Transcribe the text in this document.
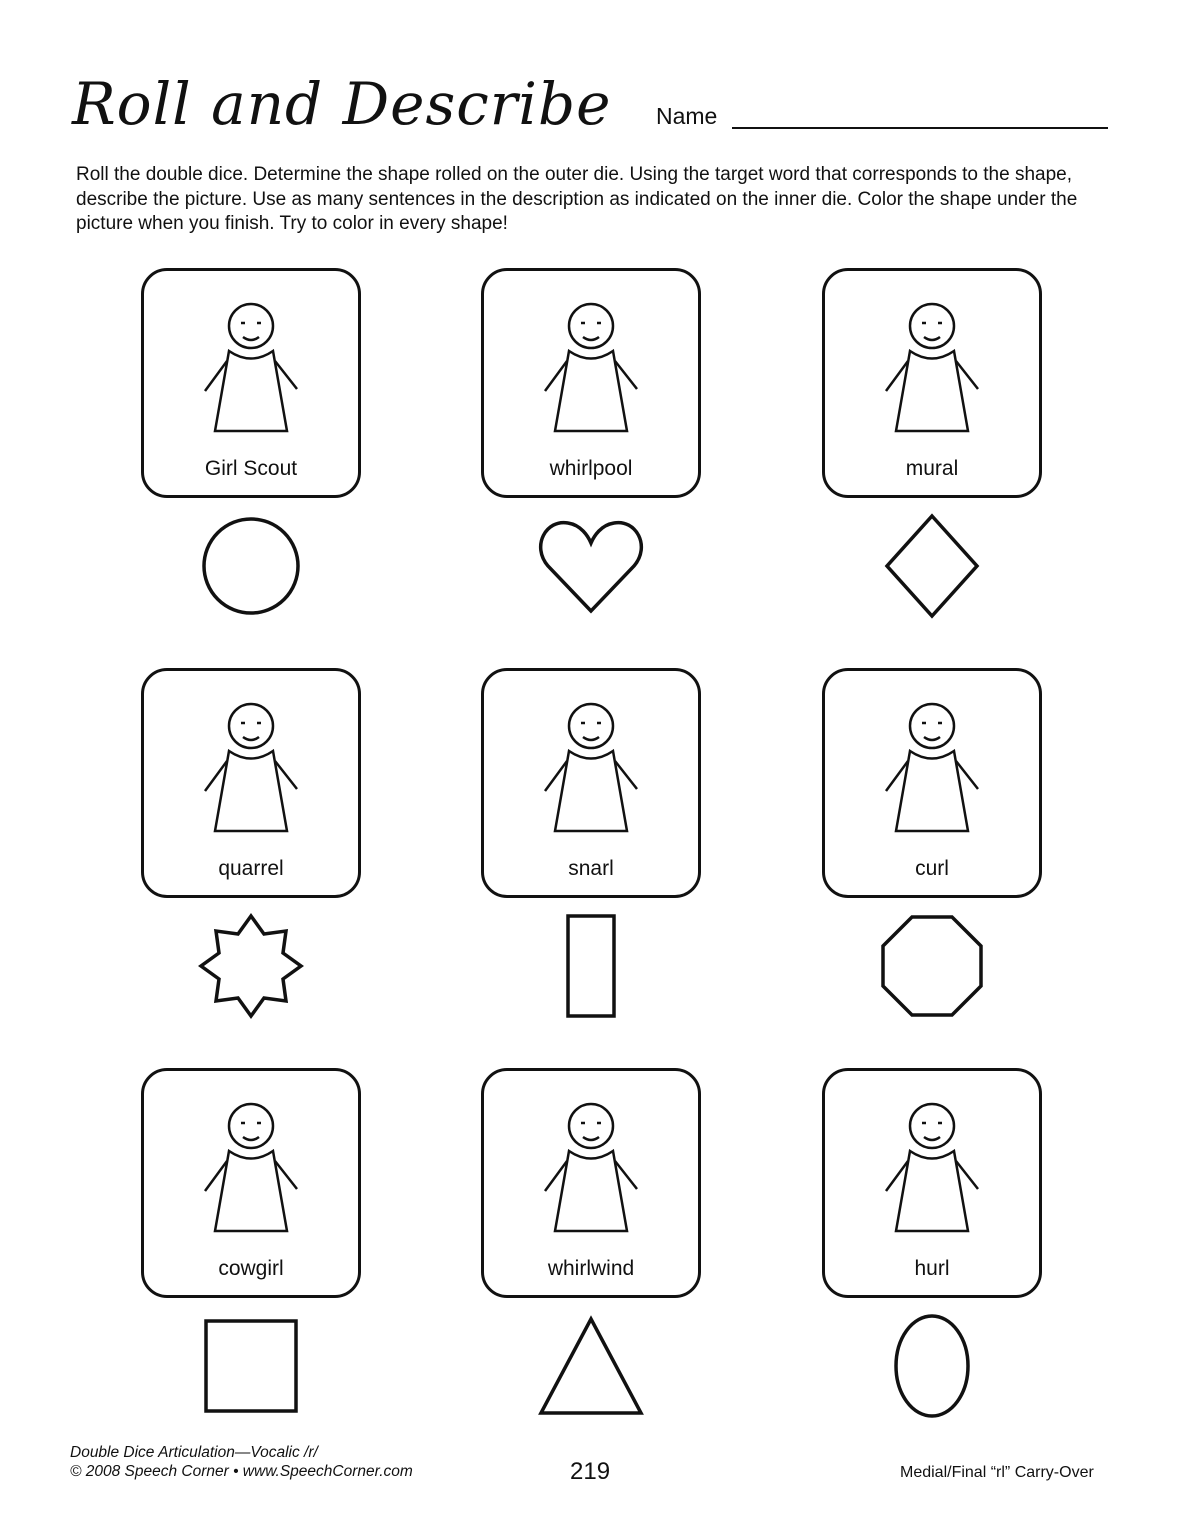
Roll and Describe Name
Roll the double dice. Determine the shape rolled on the outer die. Using the target word that corresponds to the shape, describe the picture. Use as many sentences in the description as indicated on the inner die. Color the shape under the picture when you finish. Try to color in every shape!
Girl Scout	whirlpool	mural
quarrel	snarl	curl
cowgirl	whirlwind	hurl
Double Dice Articulation—Vocalic /r/
© 2008 Speech Corner • www.SpeechCorner.com	219	Medial/Final “rl” Carry-Over
